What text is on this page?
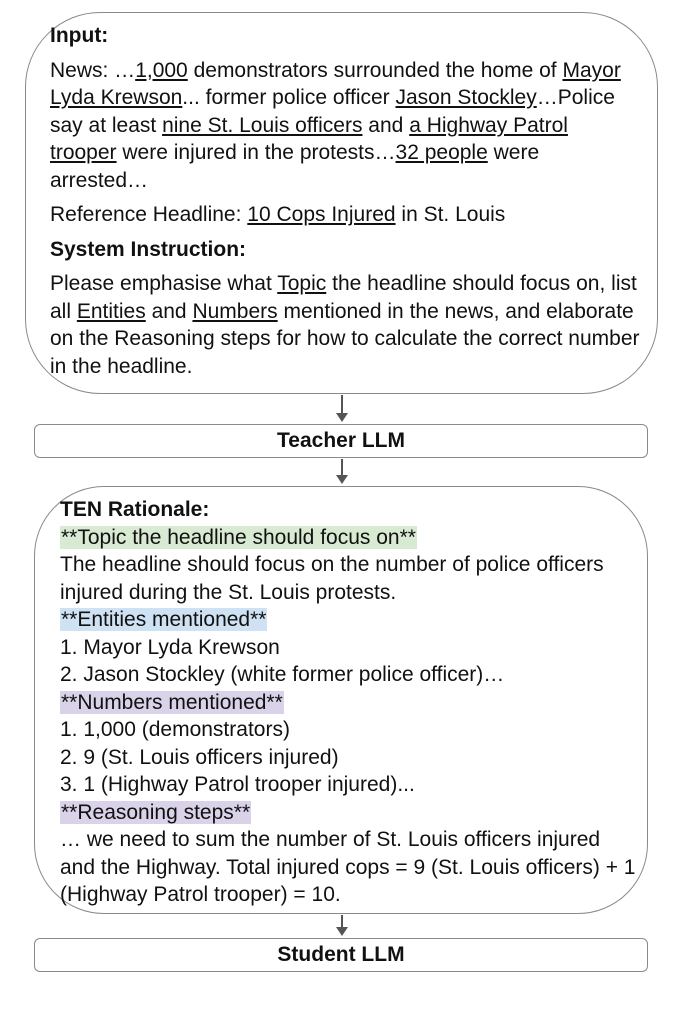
Input:

News: …1,000 demonstrators surrounded the home of Mayor Lyda Krewson... former police officer Jason Stockley…Police say at least nine St. Louis officers and a Highway Patrol trooper were injured in the protests…32 people were arrested…

Reference Headline: 10 Cops Injured in St. Louis

System Instruction:

Please emphasise what Topic the headline should focus on, list all Entities and Numbers mentioned in the news, and elaborate on the Reasoning steps for how to calculate the correct number in the headline.

Teacher LLM
TEN Rationale:
**Topic the headline should focus on**
The headline should focus on the number of police officers injured during the St. Louis protests.
**Entities mentioned**
1. Mayor Lyda Krewson
2. Jason Stockley (white former police officer)…
**Numbers mentioned**
1. 1,000 (demonstrators)
2. 9 (St. Louis officers injured)
3. 1 (Highway Patrol trooper injured)...
**Reasoning steps**
… we need to sum the number of St. Louis officers injured and the Highway. Total injured cops = 9 (St. Louis officers) + 1 (Highway Patrol trooper) = 10.
Student LLM
